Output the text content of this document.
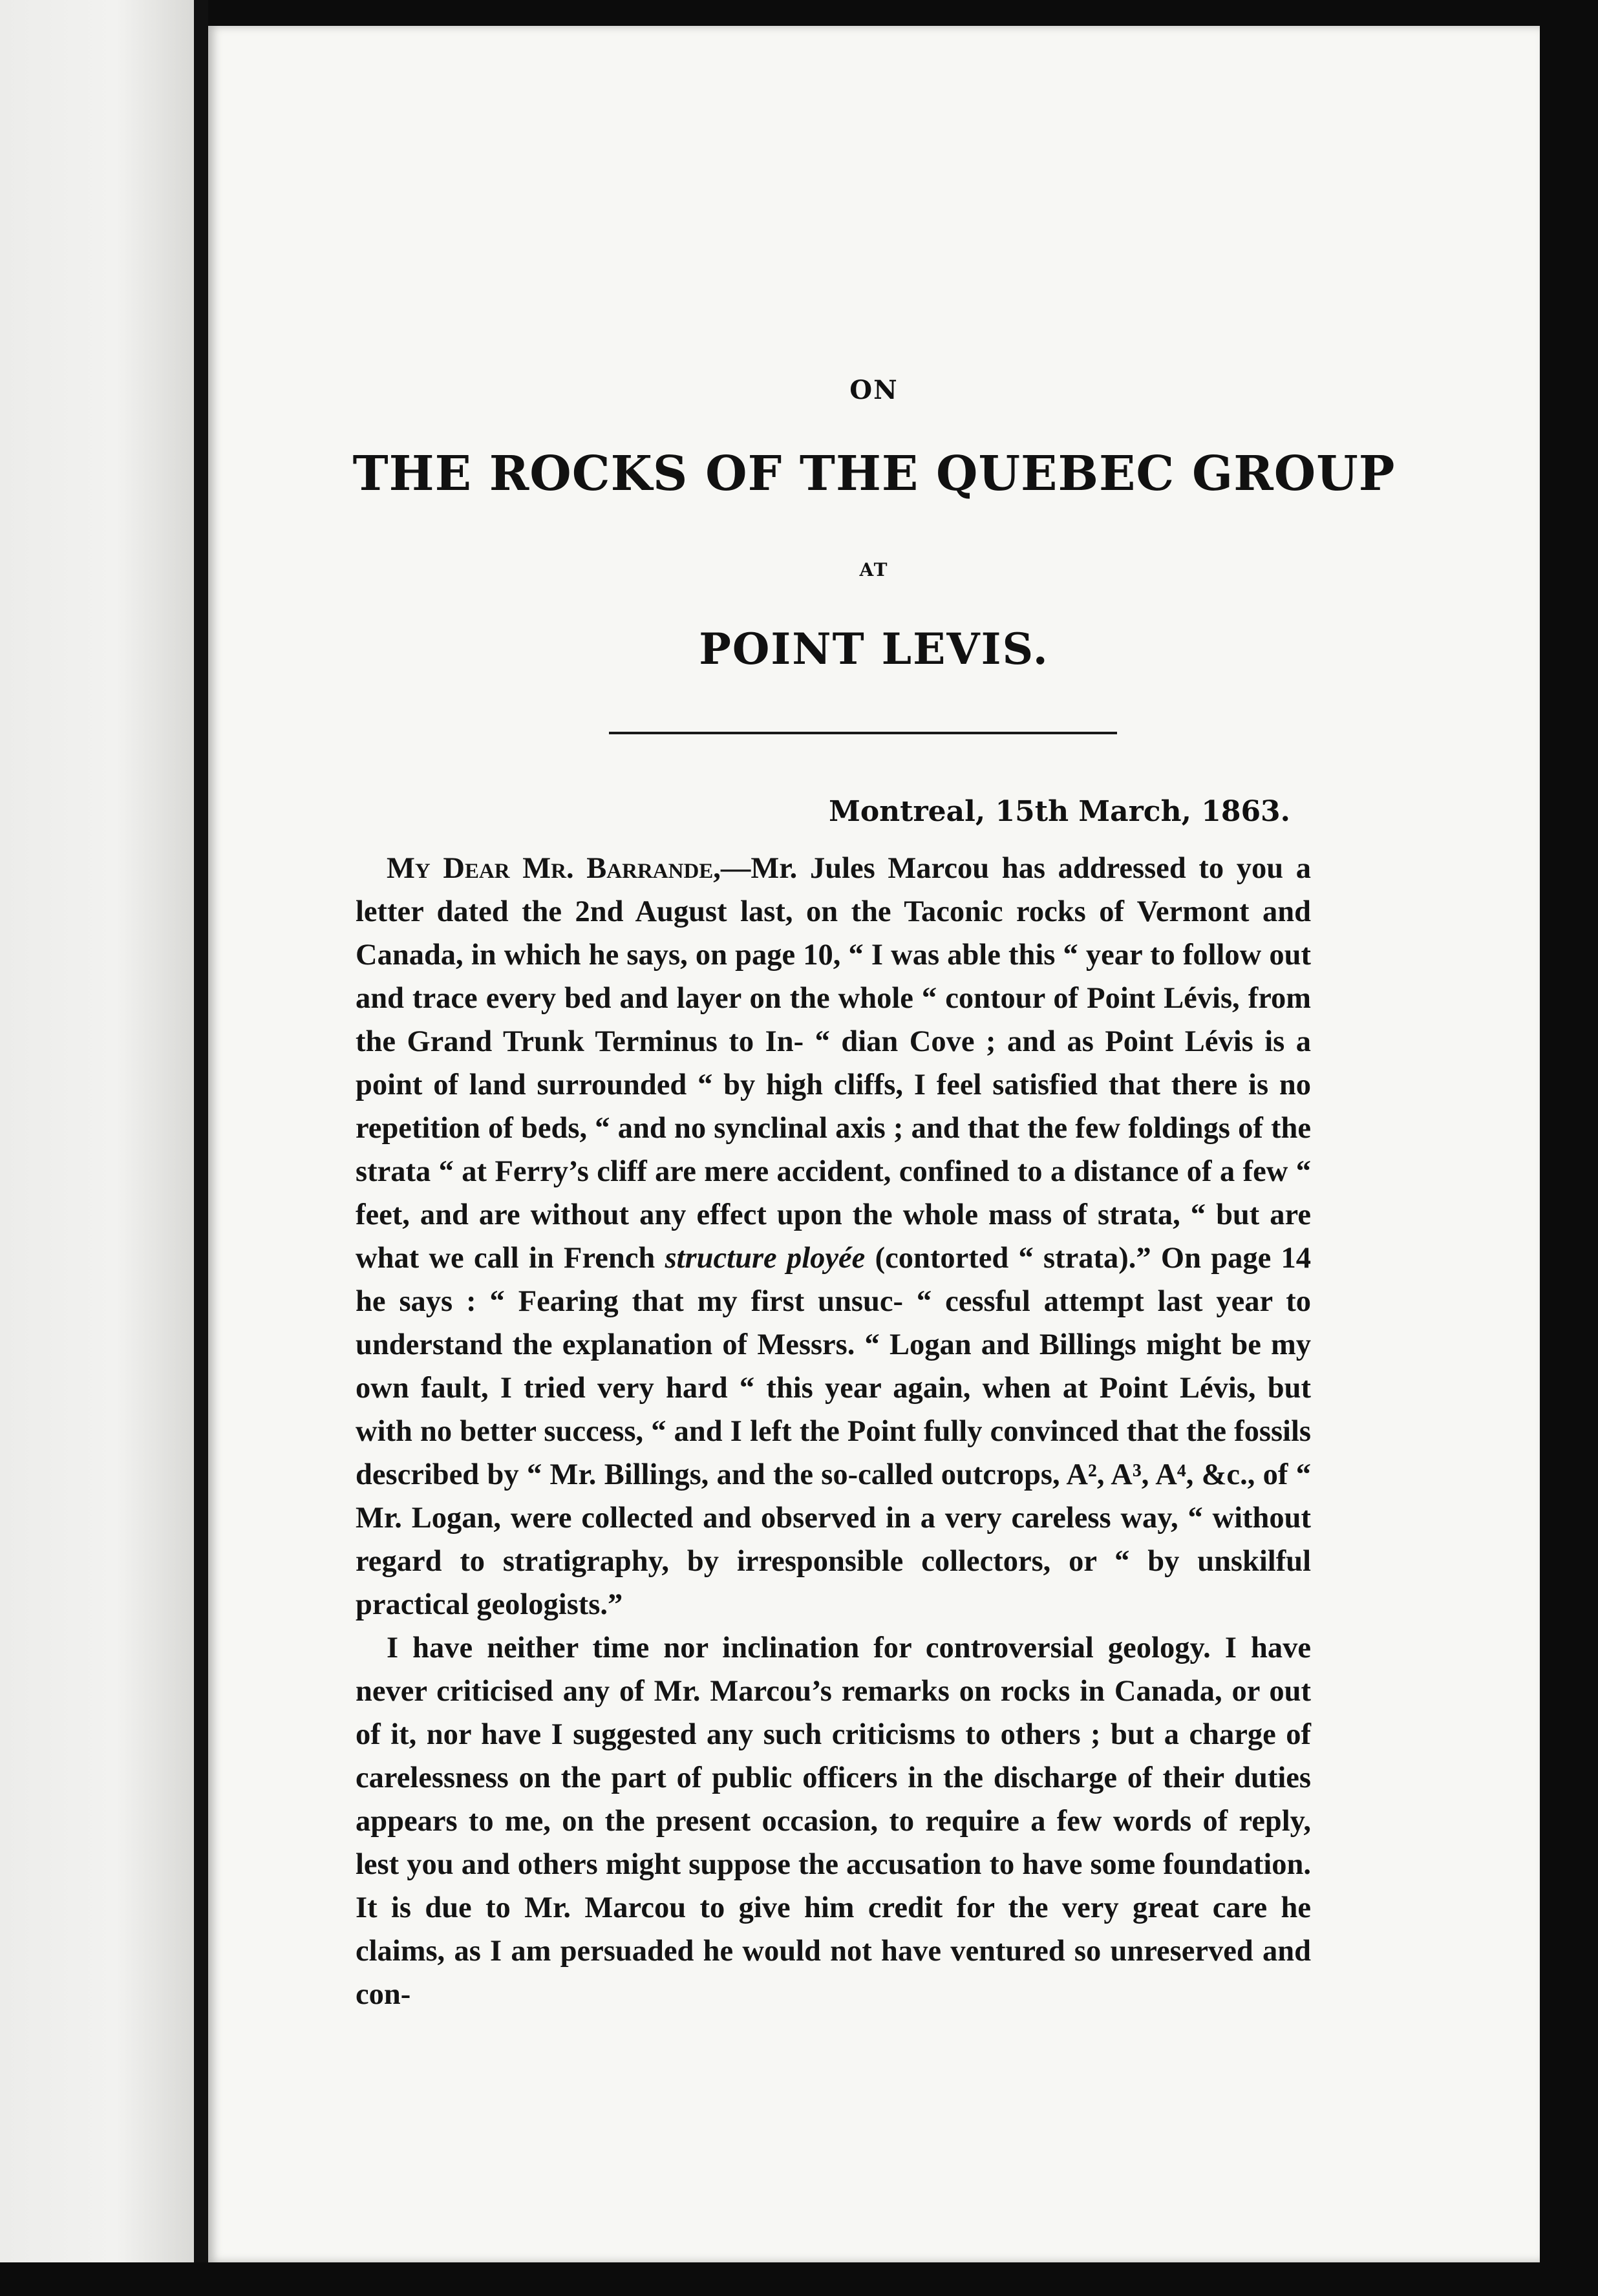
ON
THE ROCKS OF THE QUEBEC GROUP
AT
POINT LEVIS.
Montreal, 15th March, 1863.

My Dear Mr. Barrande,—Mr. Jules Marcou has addressed to you a letter dated the 2nd August last, on the Taconic rocks of Vermont and Canada, in which he says, on page 10, “ I was able this “ year to follow out and trace every bed and layer on the whole “ contour of Point Lévis, from the Grand Trunk Terminus to In- “ dian Cove ; and as Point Lévis is a point of land surrounded “ by high cliffs, I feel satisfied that there is no repetition of beds, “ and no synclinal axis ; and that the few foldings of the strata “ at Ferry’s cliff are mere accident, confined to a distance of a few “ feet, and are without any effect upon the whole mass of strata, “ but are what we call in French structure ployée (contorted “ strata).” On page 14 he says : “ Fearing that my first unsuc- “ cessful attempt last year to understand the explanation of Messrs. “ Logan and Billings might be my own fault, I tried very hard “ this year again, when at Point Lévis, but with no better success, “ and I left the Point fully convinced that the fossils described by “ Mr. Billings, and the so-called outcrops, A², A³, A⁴, &c., of “ Mr. Logan, were collected and observed in a very careless way, “ without regard to stratigraphy, by irresponsible collectors, or “ by unskilful practical geologists.”

I have neither time nor inclination for controversial geology. I have never criticised any of Mr. Marcou’s remarks on rocks in Canada, or out of it, nor have I suggested any such criticisms to others ; but a charge of carelessness on the part of public officers in the discharge of their duties appears to me, on the present occasion, to require a few words of reply, lest you and others might suppose the accusation to have some foundation. It is due to Mr. Marcou to give him credit for the very great care he claims, as I am persuaded he would not have ventured so unreserved and con-
